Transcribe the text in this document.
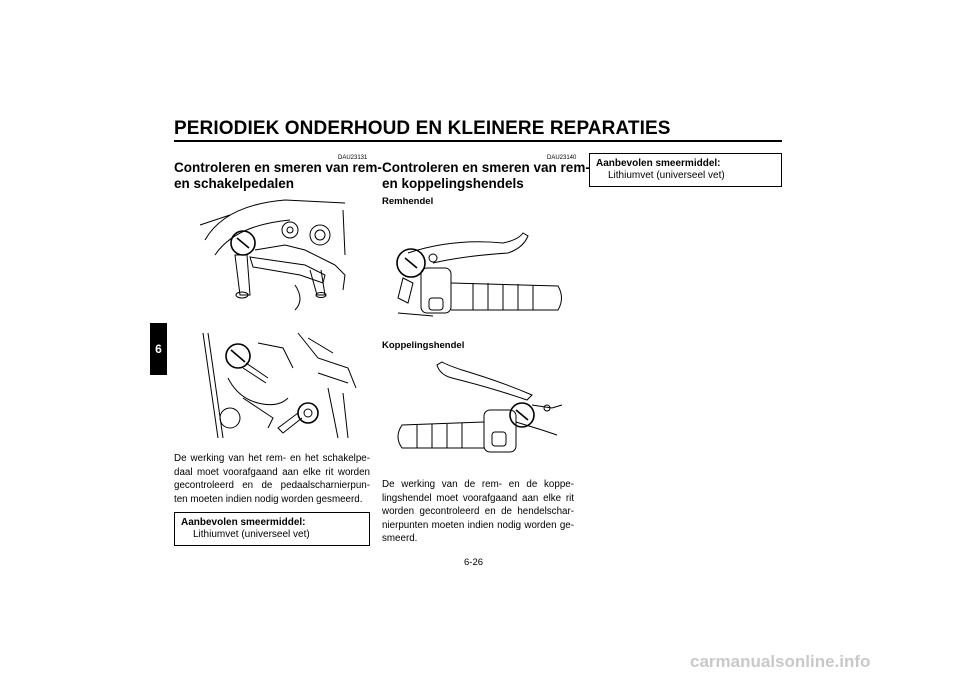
PERIODIEK ONDERHOUD EN KLEINERE REPARATIES
6
DAU23131
Controleren en smeren van rem-
en schakelpedalen
De werking van het rem- en het schakelpe-
daal moet voorafgaand aan elke rit worden
gecontroleerd en de pedaalscharnierpun-
ten moeten indien nodig worden gesmeerd.
Aanbevolen smeermiddel:
Lithiumvet (universeel vet)
DAU23140
Controleren en smeren van rem-
en koppelingshendels
Remhendel
Koppelingshendel
De werking van de rem- en de koppe-
lingshendel moet voorafgaand aan elke rit
worden gecontroleerd en de hendelschar-
nierpunten moeten indien nodig worden ge-
smeerd.
Aanbevolen smeermiddel:
Lithiumvet (universeel vet)
6-26
carmanualsonline.info
